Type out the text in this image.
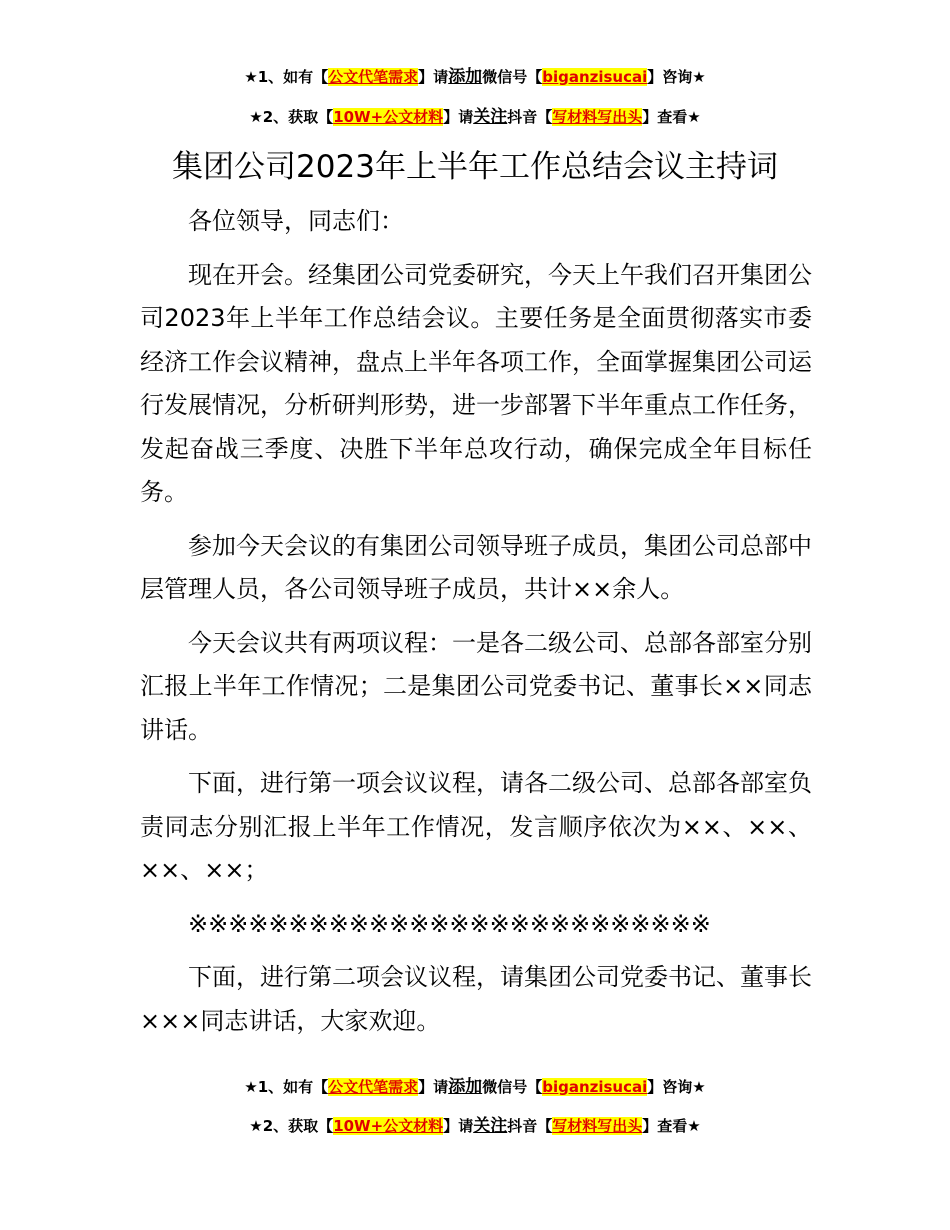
★1、如有【公文代笔需求】请添加微信号【biganzisucai】咨询★
★2、获取【10W+公文材料】请关注抖音【写材料写出头】查看★
集团公司2023年上半年工作总结会议主持词

各位领导，同志们：

现在开会。经集团公司党委研究，今天上午我们召开集团公司2023年上半年工作总结会议。主要任务是全面贯彻落实市委经济工作会议精神，盘点上半年各项工作，全面掌握集团公司运行发展情况，分析研判形势，进一步部署下半年重点工作任务，发起奋战三季度、决胜下半年总攻行动，确保完成全年目标任务。

参加今天会议的有集团公司领导班子成员，集团公司总部中层管理人员，各公司领导班子成员，共计××余人。

今天会议共有两项议程：一是各二级公司、总部各部室分别汇报上半年工作情况；二是集团公司党委书记、董事长××同志讲话。

下面，进行第一项会议议程，请各二级公司、总部各部室负责同志分别汇报上半年工作情况，发言顺序依次为××、××、××、××；

※※※※※※※※※※※※※※※※※※※※※※※※※※

下面，进行第二项会议议程，请集团公司党委书记、董事长×××同志讲话，大家欢迎。

★1、如有【公文代笔需求】请添加微信号【biganzisucai】咨询★
★2、获取【10W+公文材料】请关注抖音【写材料写出头】查看★
